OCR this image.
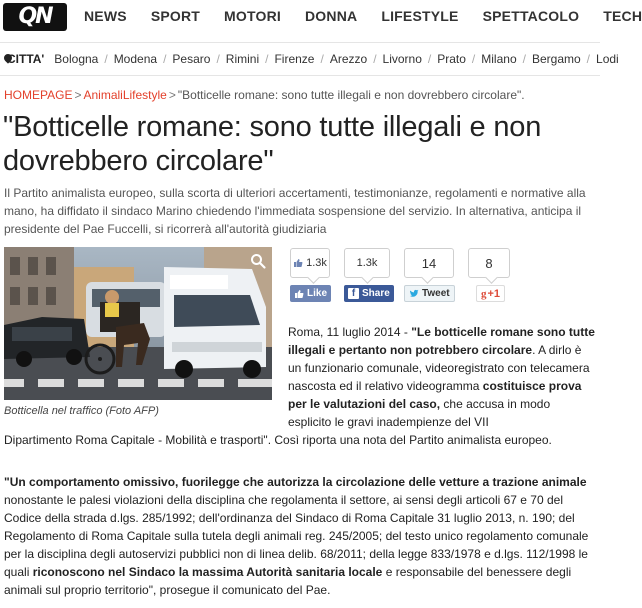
QN	NEWS SPORT MOTORI DONNA LIFESTYLE SPETTACOLO TECH
CITTA' Bologna / Modena / Pesaro / Rimini / Firenze / Arezzo / Livorno / Prato / Milano / Bergamo / Lodi
HOMEPAGE > AnimaliLifestyle > "Botticelle romane: sono tutte illegali e non dovrebbero circolare".
"Botticelle romane: sono tutte illegali e non dovrebbero circolare"

Il Partito animalista europeo, sulla scorta di ulteriori accertamenti, testimonianze, regolamenti e normative alla mano, ha diffidato il sindaco Marino chiedendo l'immediata sospensione del servizio. In alternativa, anticipa il presidente del Pae Fuccelli, si ricorrerà all'autorità giudiziaria

Botticella nel traffico (Foto AFP)
1.3k
Like
1.3k
f Share
14
Tweet
8
g +1

Roma, 11 luglio 2014 - "Le botticelle romane sono tutte illegali e pertanto non potrebbero circolare. A dirlo è un funzionario comunale, videoregistrato con telecamera nascosta ed il relativo videogramma costituisce prova per le valutazioni del caso, che accusa in modo esplicito le gravi inadempienze del VII

Dipartimento Roma Capitale - Mobilità e trasporti". Così riporta una nota del Partito animalista europeo.

"Un comportamento omissivo, fuorilegge che autorizza la circolazione delle vetture a trazione animale nonostante le palesi violazioni della disciplina che regolamenta il settore, ai sensi degli articoli 67 e 70 del Codice della strada d.lgs. 285/1992; dell'ordinanza del Sindaco di Roma Capitale 31 luglio 2013, n. 190; del Regolamento di Roma Capitale sulla tutela degli animali reg. 245/2005; del testo unico regolamento comunale per la disciplina degli autoservizi pubblici non di linea delib. 68/2011; della legge 833/1978 e d.lgs. 112/1998 le quali riconoscono nel Sindaco la massima Autorità sanitaria locale e responsabile del benessere degli animali sul proprio territorio", prosegue il comunicato del Pae.
